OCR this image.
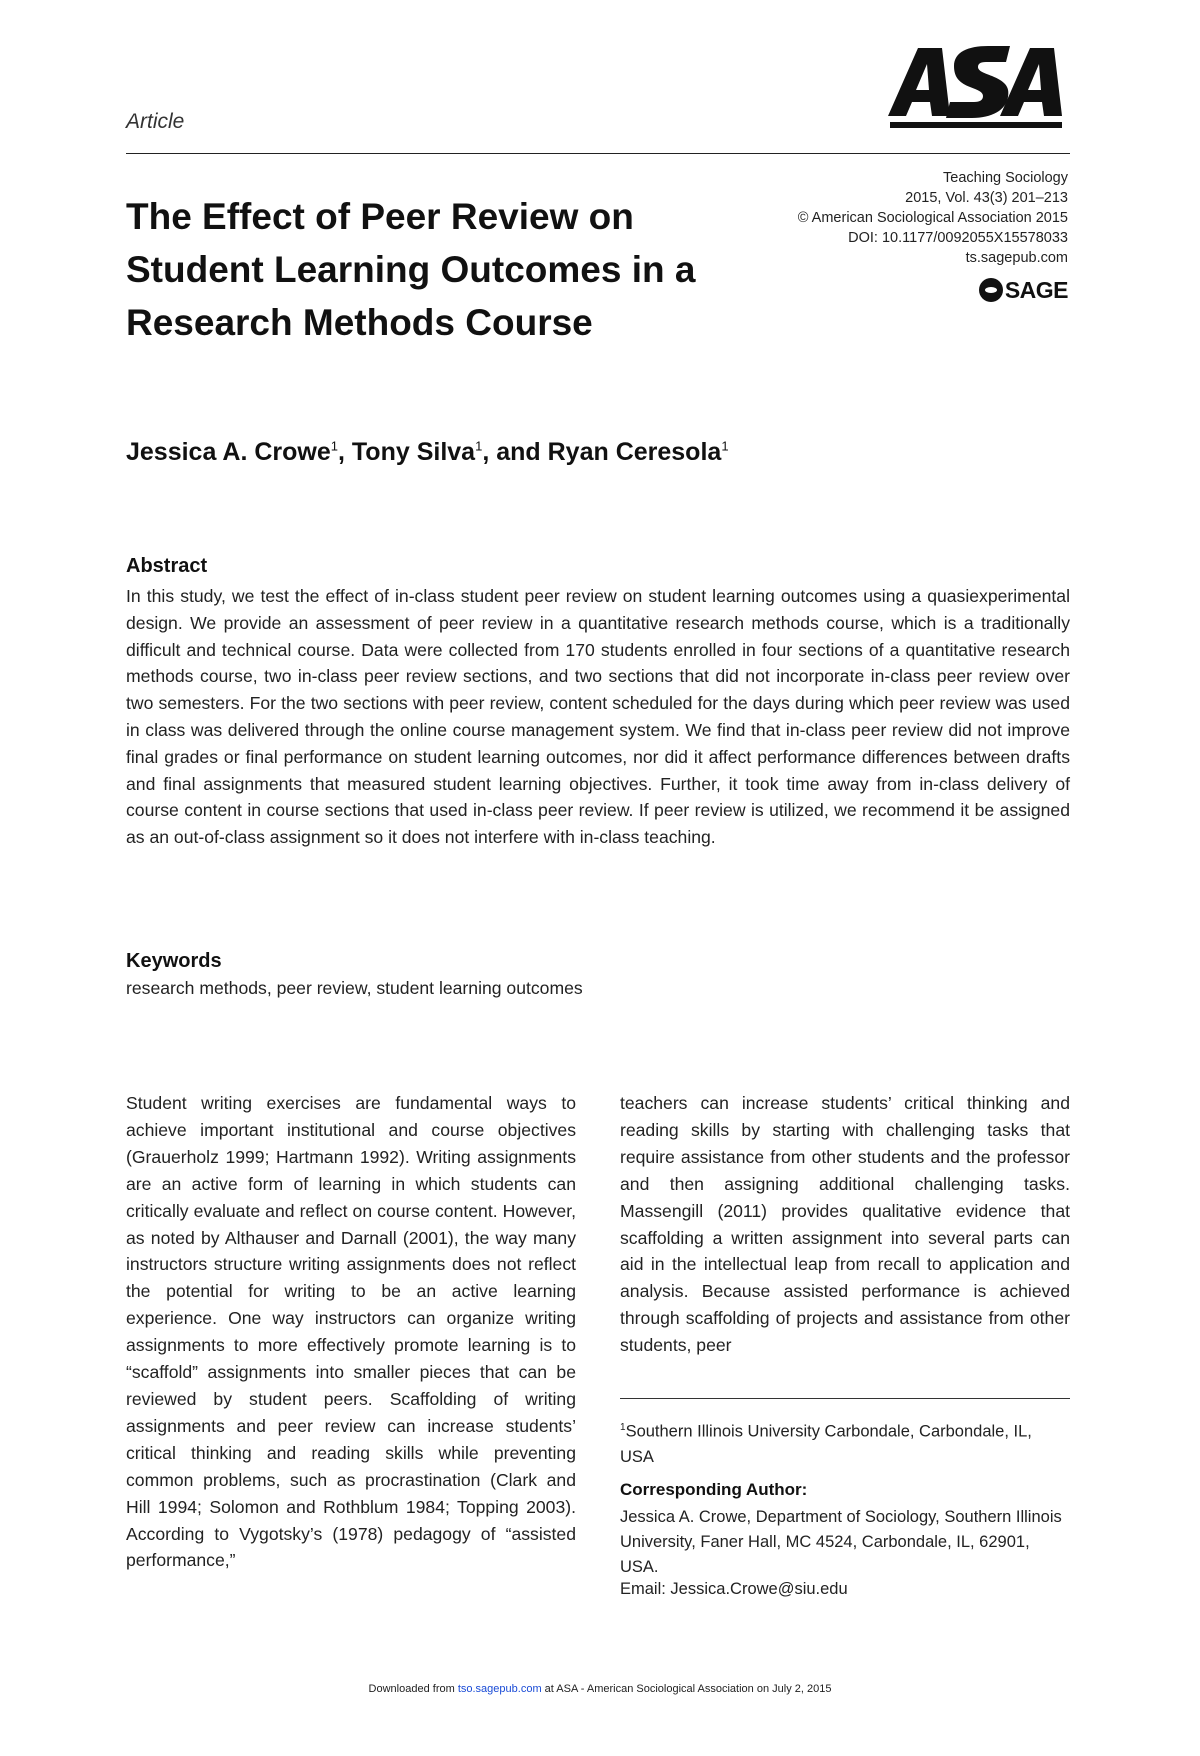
Article
The Effect of Peer Review on Student Learning Outcomes in a Research Methods Course
Teaching Sociology
2015, Vol. 43(3) 201–213
© American Sociological Association 2015
DOI: 10.1177/0092055X15578033
ts.sagepub.com
SAGE
Jessica A. Crowe$^1$, Tony Silva$^1$, and Ryan Ceresola$^1$
Abstract

In this study, we test the effect of in-class student peer review on student learning outcomes using a quasiexperimental design. We provide an assessment of peer review in a quantitative research methods course, which is a traditionally difficult and technical course. Data were collected from 170 students enrolled in four sections of a quantitative research methods course, two in-class peer review sections, and two sections that did not incorporate in-class peer review over two semesters. For the two sections with peer review, content scheduled for the days during which peer review was used in class was delivered through the online course management system. We find that in-class peer review did not improve final grades or final performance on student learning outcomes, nor did it affect performance differences between drafts and final assignments that measured student learning objectives. Further, it took time away from in-class delivery of course content in course sections that used in-class peer review. If peer review is utilized, we recommend it be assigned as an out-of-class assignment so it does not interfere with in-class teaching.

Keywords
research methods, peer review, student learning outcomes

Student writing exercises are fundamental ways to achieve important institutional and course objectives (Grauerholz 1999; Hartmann 1992). Writing assignments are an active form of learning in which students can critically evaluate and reflect on course content. However, as noted by Althauser and Darnall (2001), the way many instructors structure writing assignments does not reflect the potential for writing to be an active learning experience. One way instructors can organize writing assignments to more effectively promote learning is to “scaffold” assignments into smaller pieces that can be reviewed by student peers. Scaffolding of writing assignments and peer review can increase students’ critical thinking and reading skills while preventing common problems, such as procrastination (Clark and Hill 1994; Solomon and Rothblum 1984; Topping 2003). According to Vygotsky’s (1978) pedagogy of “assisted performance,”

teachers can increase students’ critical thinking and reading skills by starting with challenging tasks that require assistance from other students and the professor and then assigning additional challenging tasks. Massengill (2011) provides qualitative evidence that scaffolding a written assignment into several parts can aid in the intellectual leap from recall to application and analysis. Because assisted performance is achieved through scaffolding of projects and assistance from other students, peer

$^1$Southern Illinois University Carbondale, Carbondale, IL, USA

Corresponding Author:

Jessica A. Crowe, Department of Sociology, Southern Illinois University, Faner Hall, MC 4524, Carbondale, IL, 62901, USA.

Email: Jessica.Crowe@siu.edu
Downloaded from tso.sagepub.com at ASA - American Sociological Association on July 2, 2015
